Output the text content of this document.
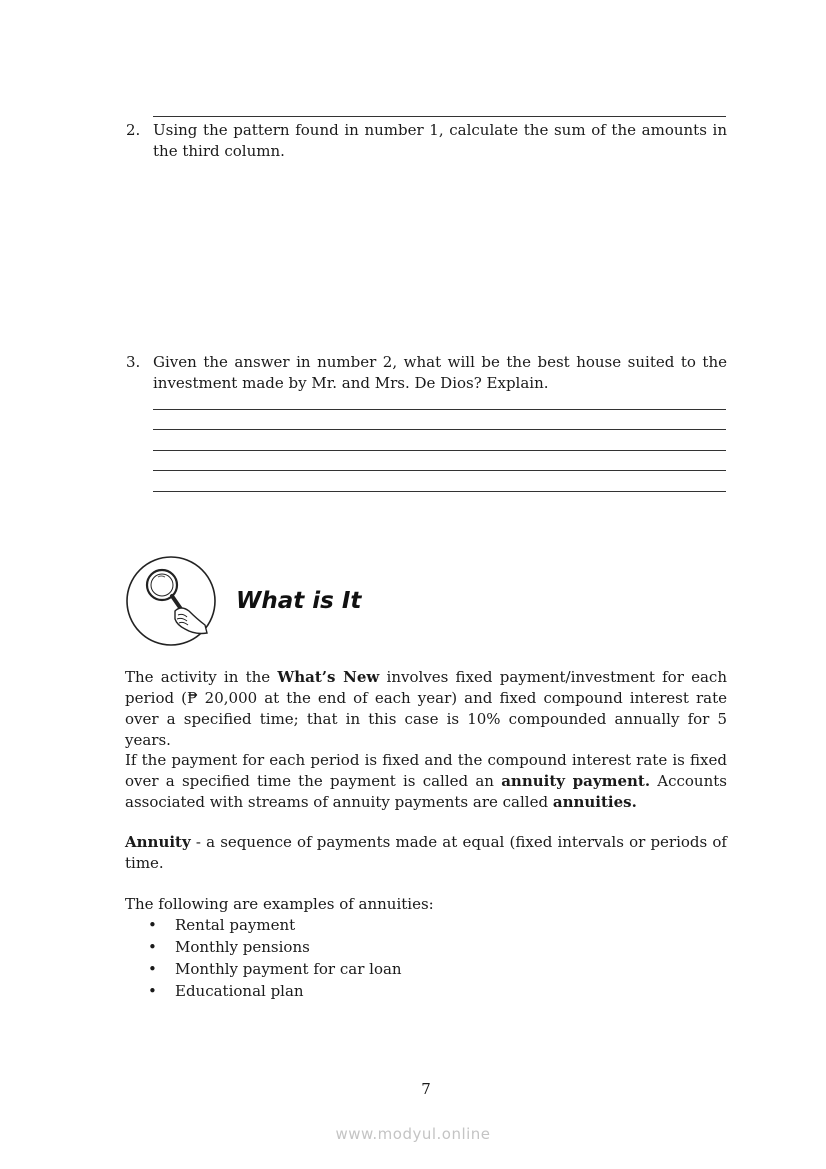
2. Using the pattern found in number 1, calculate the sum of the amounts in the third column.
3. Given the answer in number 2, what will be the best house suited to the investment made by Mr. and Mrs. De Dios? Explain.
What is It
The activity in the What’s New involves fixed payment/investment for each period (₱ 20,000 at the end of each year) and fixed compound interest rate over a specified time; that in this case is 10% compounded annually for 5 years.
If the payment for each period is fixed and the compound interest rate is fixed over a specified time the payment is called an annuity payment. Accounts associated with streams of annuity payments are called annuities.
Annuity - a sequence of payments made at equal (fixed intervals or periods of time.
The following are examples of annuities:
• Rental payment
• Monthly pensions
• Monthly payment for car loan
• Educational plan
7
www.modyul.online
